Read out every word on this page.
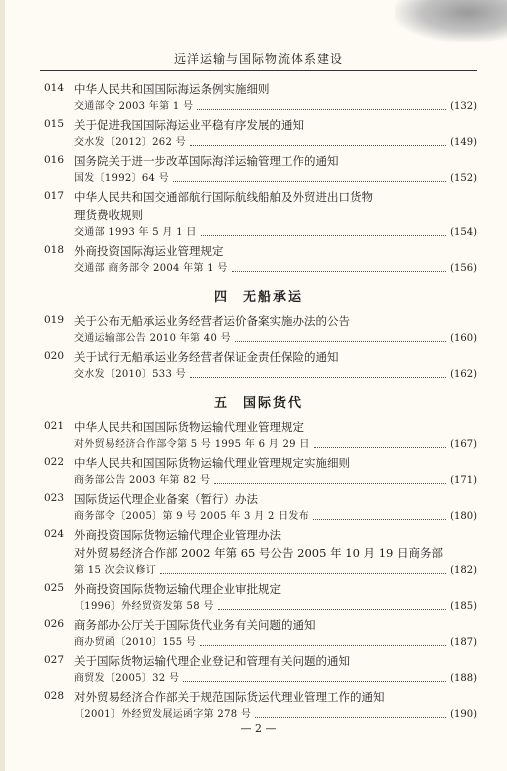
远洋运输与国际物流体系建设
014 中华人民共和国国际海运条例实施细则
交通部令 2003 年第 1 号	(132)
015 关于促进我国国际海运业平稳有序发展的通知
交水发〔2012〕262 号	(149)
016 国务院关于进一步改革国际海洋运输管理工作的通知
国发〔1992〕64 号	(152)
017 中华人民共和国交通部航行国际航线船舶及外贸进出口货物
理货费收规则
交通部 1993 年 5 月 1 日	(154)
018 外商投资国际海运业管理规定
交通部 商务部令 2004 年第 1 号	(156)
四 无船承运
019 关于公布无船承运业务经营者运价备案实施办法的公告
交通运输部公告 2010 年第 40 号	(160)
020 关于试行无船承运业务经营者保证金责任保险的通知
交水发〔2010〕533 号	(162)
五 国际货代
021 中华人民共和国国际货物运输代理业管理规定
对外贸易经济合作部令第 5 号 1995 年 6 月 29 日	(167)
022 中华人民共和国国际货物运输代理业管理规定实施细则
商务部公告 2003 年第 82 号	(171)
023 国际货运代理企业备案（暂行）办法
商务部令〔2005〕第 9 号 2005 年 3 月 2 日发布	(180)
024 外商投资国际货物运输代理企业管理办法
对外贸易经济合作部 2002 年第 65 号公告 2005 年 10 月 19 日商务部
第 15 次会议修订	(182)
025 外商投资国际货物运输代理企业审批规定
〔1996〕外经贸资发第 58 号	(185)
026 商务部办公厅关于国际货代业务有关问题的通知
商办贸函〔2010〕155 号	(187)
027 关于国际货物运输代理企业登记和管理有关问题的通知
商贸发〔2005〕32 号	(188)
028 对外贸易经济合作部关于规范国际货运代理业管理工作的通知
〔2001〕外经贸发展运函字第 278 号	(190)
— 2 —
